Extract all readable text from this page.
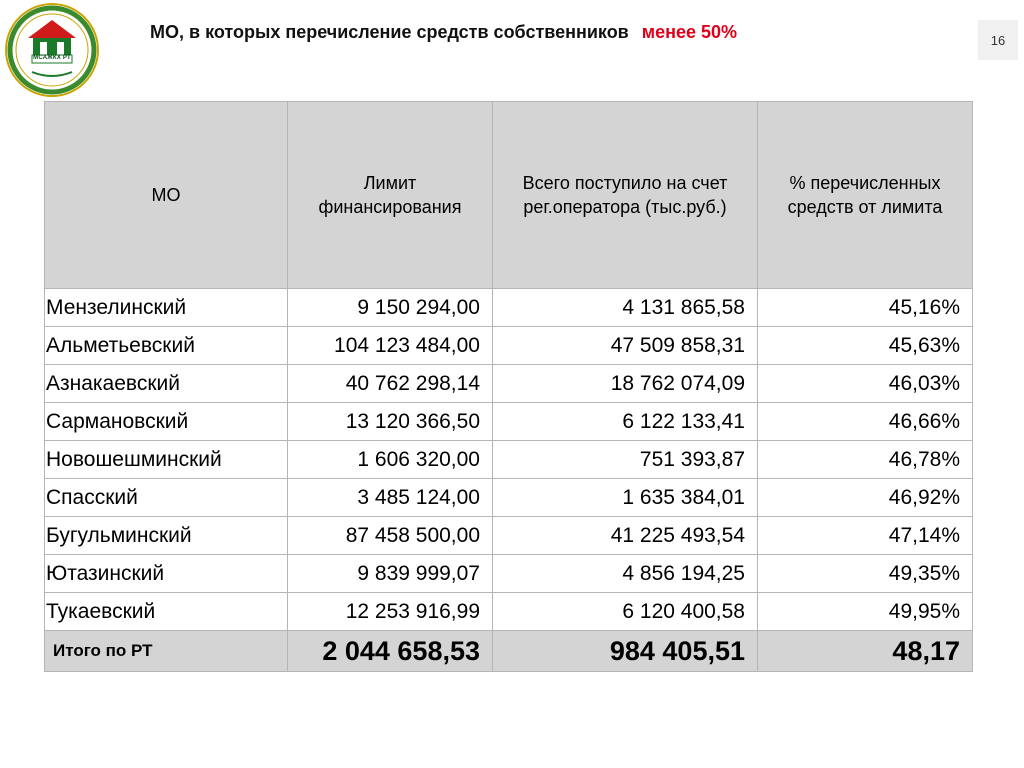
МСАЖКХ РТ
МО, в которых перечисление средств собственников менее 50%	16
МО	Лимит финансирования	Всего поступило на счет рег.оператора (тыс.руб.)	% перечисленных средств от лимита
Мензелинский	9 150 294,00	4 131 865,58	45,16%
Альметьевский	104 123 484,00	47 509 858,31	45,63%
Азнакаевский	40 762 298,14	18 762 074,09	46,03%
Сармановский	13 120 366,50	6 122 133,41	46,66%
Новошешминский	1 606 320,00	751 393,87	46,78%
Спасский	3 485 124,00	1 635 384,01	46,92%
Бугульминский	87 458 500,00	41 225 493,54	47,14%
Ютазинский	9 839 999,07	4 856 194,25	49,35%
Тукаевский	12 253 916,99	6 120 400,58	49,95%
Итого по РТ	2 044 658,53	984 405,51	48,17
